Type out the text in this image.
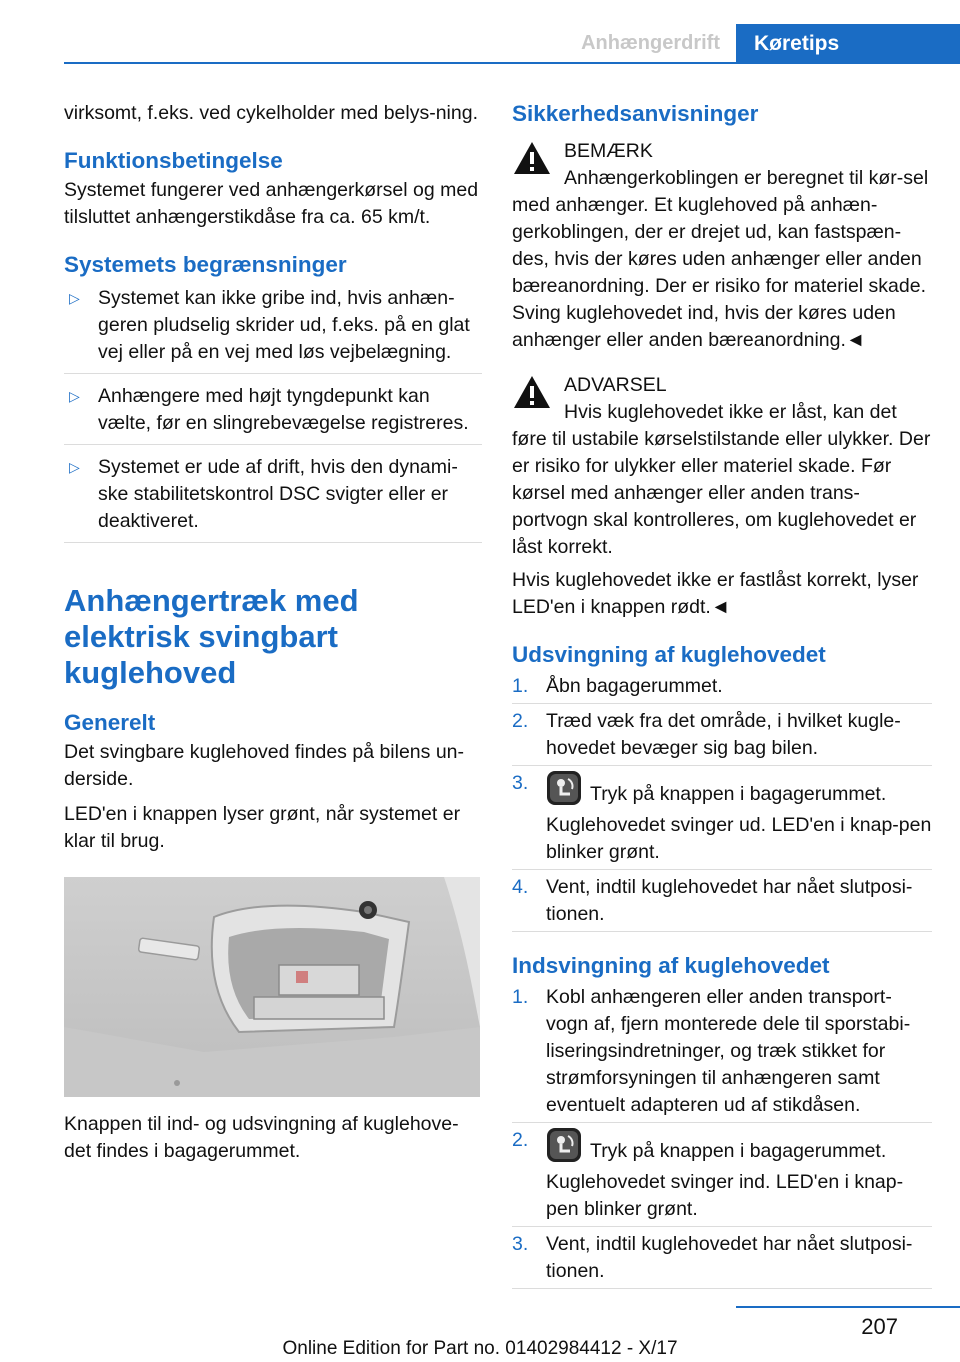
Anhængerdrift	Køretips

virksomt, f.eks. ved cykelholder med belys-ning.

Funktionsbetingelse

Systemet fungerer ved anhængerkørsel og med tilsluttet anhængerstikdåse fra ca. 65 km/t.

Systemets begrænsninger
▷ Systemet kan ikke gribe ind, hvis anhæn-geren pludselig skrider ud, f.eks. på en glat vej eller på en vej med løs vejbelægning.
▷ Anhængere med højt tyngdepunkt kan vælte, før en slingrebevægelse registreres.
▷ Systemet er ude af drift, hvis den dynami-ske stabilitetskontrol DSC svigter eller er deaktiveret.
Anhængertræk med elektrisk svingbart kuglehoved
Generelt

Det svingbare kuglehoved findes på bilens un-derside.

LED'en i knappen lyser grønt, når systemet er klar til brug.

Knappen til ind- og udsvingning af kuglehove-det findes i bagagerummet.

Sikkerhedsanvisninger
BEMÆRK
Anhængerkoblingen er beregnet til kør-sel med anhænger. Et kuglehoved på anhæn-gerkoblingen, der er drejet ud, kan fastspæn-des, hvis der køres uden anhænger eller anden bæreanordning. Der er risiko for materiel skade. Sving kuglehovedet ind, hvis der køres uden anhænger eller anden bæreanordning.◄
ADVARSEL

Hvis kuglehovedet ikke er låst, kan det føre til ustabile kørselstilstande eller ulykker. Der er risiko for ulykker eller materiel skade. Før kørsel med anhænger eller anden trans-portvogn skal kontrolleres, om kuglehovedet er låst korrekt.

Hvis kuglehovedet ikke er fastlåst korrekt, lyser LED'en i knappen rødt.◄

Udsvingning af kuglehovedet
1. Åbn bagagerummet.
2. Træd væk fra det område, i hvilket kugle-hovedet bevæger sig bag bilen.
3.	Tryk på knappen i bagagerummet.

Kuglehovedet svinger ud. LED'en i knap-pen blinker grønt.

4. Vent, indtil kuglehovedet har nået slutposi-tionen.
Indsvingning af kuglehovedet
1. Kobl anhængeren eller anden transport-vogn af, fjern monterede dele til sporstabi-liseringsindretninger, og træk stikket for strømforsyningen til anhængeren samt eventuelt adapteren ud af stikdåsen.
2.	Tryk på knappen i bagagerummet.

Kuglehovedet svinger ind. LED'en i knap-pen blinker grønt.

3. Vent, indtil kuglehovedet har nået slutposi-tionen.
207
Online Edition for Part no. 01402984412 - X/17
